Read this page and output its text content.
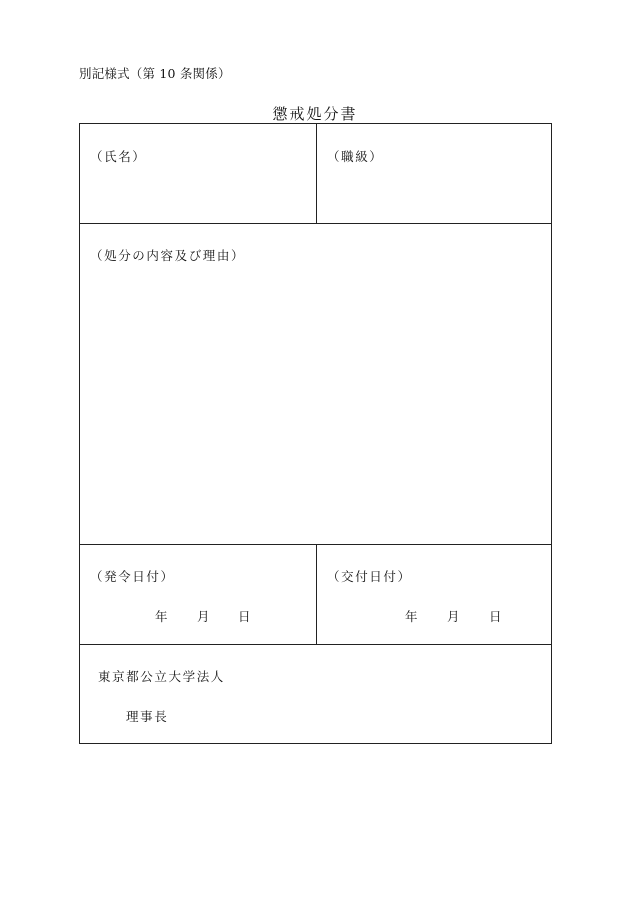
別記様式（第 10 条関係）
懲戒処分書
（氏名）	（職級）
（処分の内容及び理由）
（発令日付）
年 月 日
（交付日付）
年 月 日
東京都公立大学法人
理事長
